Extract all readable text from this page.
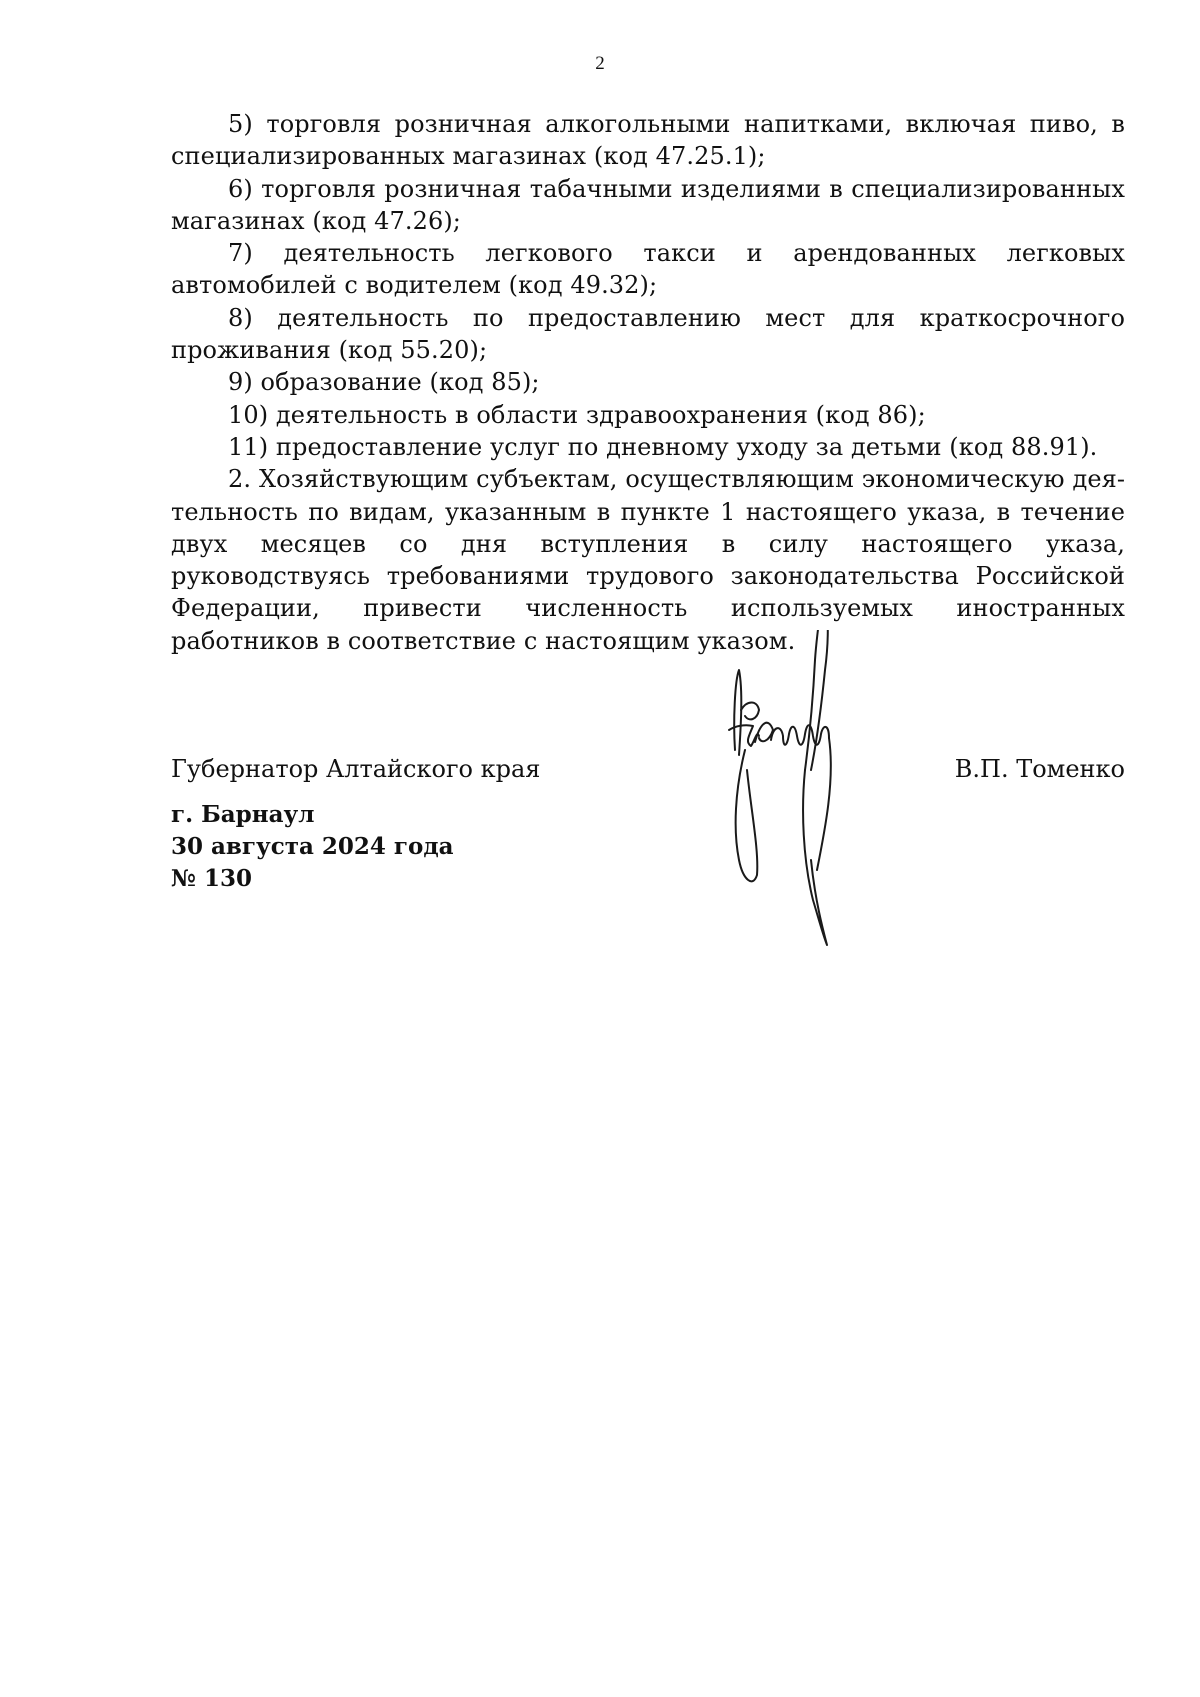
2

5) торговля розничная алкогольными напитками, включая пиво, в специализированных магазинах (код 47.25.1);

6) торговля розничная табачными изделиями в специализированных магазинах (код 47.26);

7) деятельность легкового такси и арендованных легковых автомобилей с водителем (код 49.32);

8) деятельность по предоставлению мест для краткосрочного проживания (код 55.20);

9) образование (код 85);

10) деятельность в области здравоохранения (код 86);

11) предоставление услуг по дневному уходу за детьми (код 88.91).

2. Хозяйствующим субъектам, осуществляющим экономическую деятельность по видам, указанным в пункте 1 настоящего указа, в течение двух месяцев со дня вступления в силу настоящего указа, руководствуясь требованиями трудового законодательства Российской Федерации, привести численность используемых иностранных работников в соответствие с настоящим указом.

Губернатор Алтайского края	В.П. Томенко
г. Барнаул
30 августа 2024 года
№ 130
